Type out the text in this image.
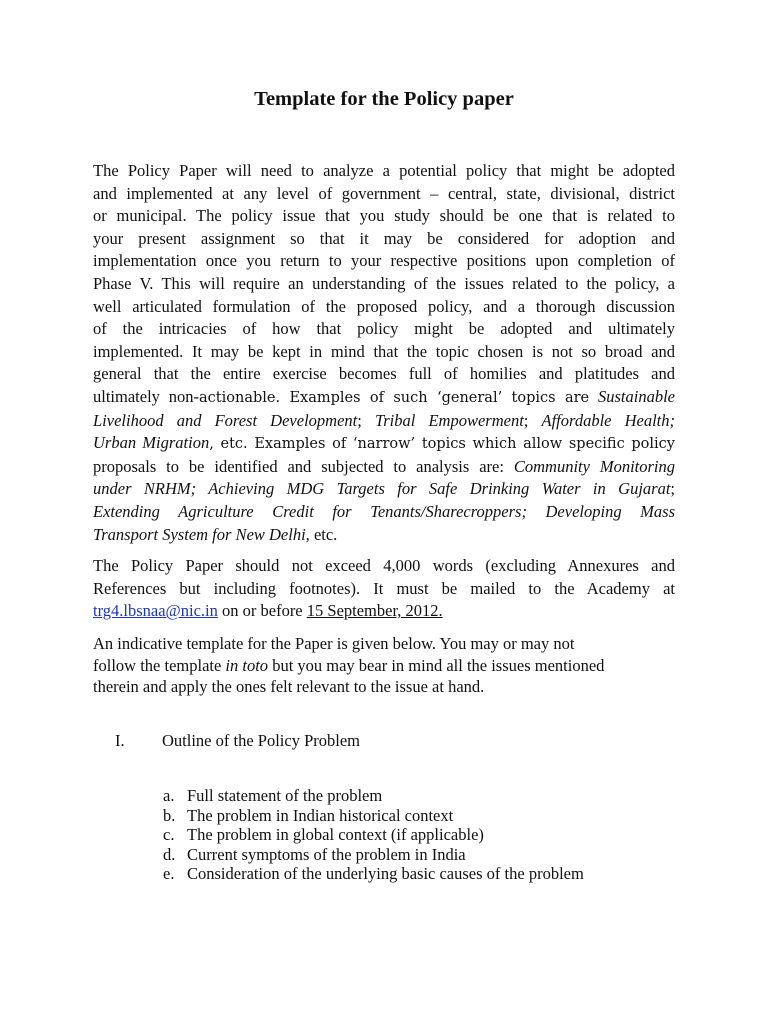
Template for the Policy paper
The Policy Paper will need to analyze a potential policy that might be adopted
and implemented at any level of government – central, state, divisional, district
or municipal. The policy issue that you study should be one that is related to
your present assignment so that it may be considered for adoption and
implementation once you return to your respective positions upon completion of
Phase V. This will require an understanding of the issues related to the policy, a
well articulated formulation of the proposed policy, and a thorough discussion
of the intricacies of how that policy might be adopted and ultimately
implemented. It may be kept in mind that the topic chosen is not so broad and
general that the entire exercise becomes full of homilies and platitudes and
ultimately non-actionable. Examples of such ‘general’ topics are Sustainable
Livelihood and Forest Development; Tribal Empowerment; Affordable Health;
Urban Migration, etc. Examples of ‘narrow’ topics which allow specific policy
proposals to be identified and subjected to analysis are: Community Monitoring
under NRHM; Achieving MDG Targets for Safe Drinking Water in Gujarat;
Extending Agriculture Credit for Tenants/Sharecroppers; Developing Mass
Transport System for New Delhi, etc.
The Policy Paper should not exceed 4,000 words (excluding Annexures and
References but including footnotes). It must be mailed to the Academy at
trg4.lbsnaa@nic.in on or before 15 September, 2012.
An indicative template for the Paper is given below. You may or may not
follow the template in toto but you may bear in mind all the issues mentioned
therein and apply the ones felt relevant to the issue at hand.
I. Outline of the Policy Problem
a. Full statement of the problem
b. The problem in Indian historical context
c. The problem in global context (if applicable)
d. Current symptoms of the problem in India
e. Consideration of the underlying basic causes of the problem
